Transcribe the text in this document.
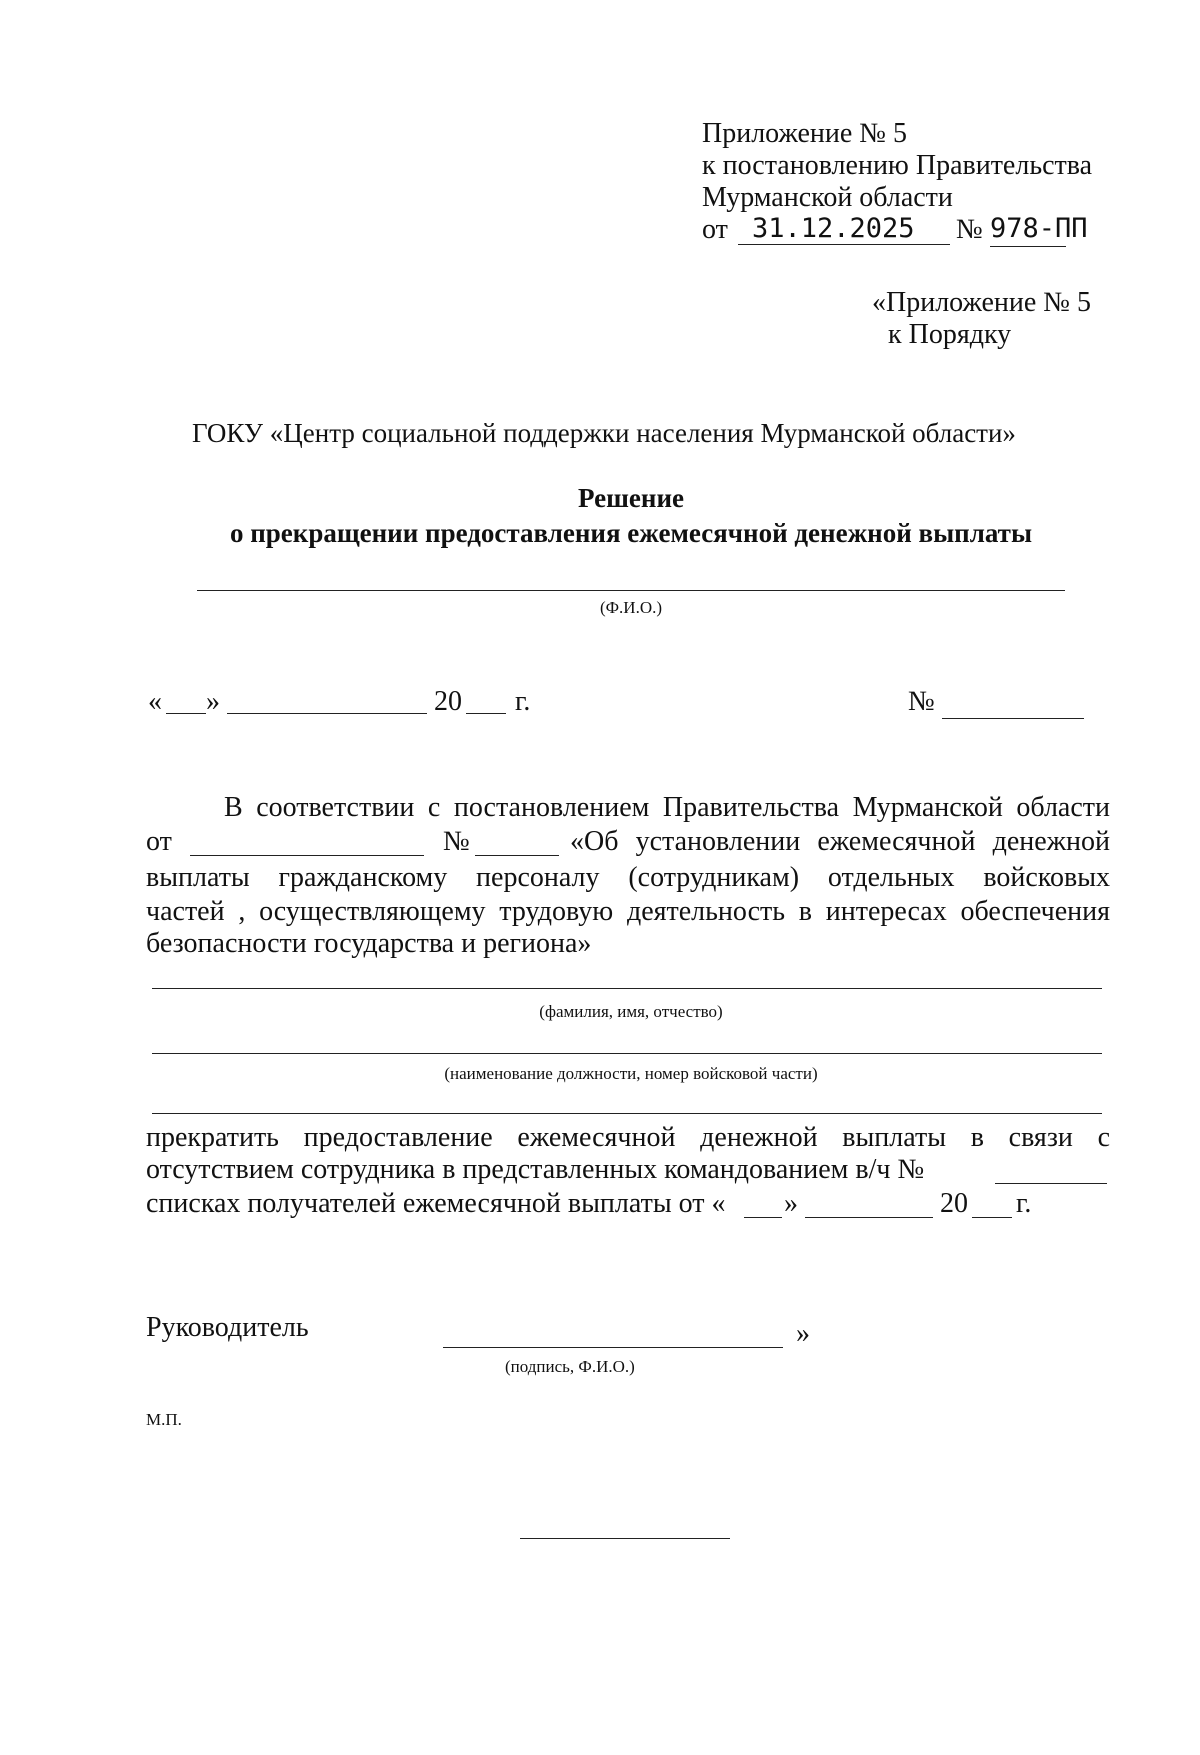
Приложение № 5
к постановлению Правительства
Мурманской области
от 31.12.2025 № 978-ПП
«Приложение № 5
к Порядку
ГОКУ «Центр социальной поддержки населения Мурманской области»
Решение
о прекращении предоставления ежемесячной денежной выплаты
(Ф.И.О.)
« »	20 г.	№
В соответствии с постановлением Правительства Мурманской области
от	№	«Об установлении ежемесячной денежной
выплаты гражданскому персоналу (сотрудникам) отдельных войсковых
частей , осуществляющему трудовую деятельность в интересах обеспечения
безопасности государства и региона»
(фамилия, имя, отчество)
(наименование должности, номер войсковой части)
прекратить предоставление ежемесячной денежной выплаты в связи с
отсутствием сотрудника в представленных командованием в/ч №
списках получателей ежемесячной выплаты от « »	20 г.
Руководитель	»
(подпись, Ф.И.О.)
М.П.
